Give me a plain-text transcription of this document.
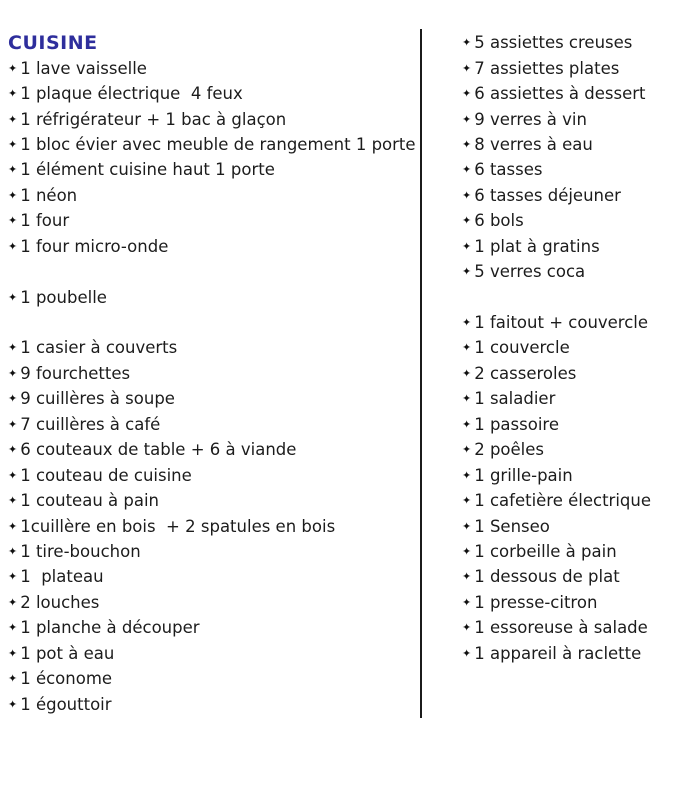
CUISINE
✦ 1 lave vaisselle
✦ 1 plaque électrique  4 feux
✦ 1 réfrigérateur + 1 bac à glaçon
✦ 1 bloc évier avec meuble de rangement 1 porte
✦ 1 élément cuisine haut 1 porte
✦ 1 néon
✦ 1 four
✦ 1 four micro-onde
✦ 1 poubelle
✦ 1 casier à couverts
✦ 9 fourchettes
✦ 9 cuillères à soupe
✦ 7 cuillères à café
✦ 6 couteaux de table + 6 à viande
✦ 1 couteau de cuisine
✦ 1 couteau à pain
✦ 1cuillère en bois  + 2 spatules en bois
✦ 1 tire-bouchon
✦ 1  plateau
✦ 2 louches
✦ 1 planche à découper
✦ 1 pot à eau
✦ 1 économe
✦ 1 égouttoir
✦ 5 assiettes creuses
✦ 7 assiettes plates
✦ 6 assiettes à dessert
✦ 9 verres à vin
✦ 8 verres à eau
✦ 6 tasses
✦ 6 tasses déjeuner
✦ 6 bols
✦ 1 plat à gratins
✦ 5 verres coca
✦ 1 faitout + couvercle
✦ 1 couvercle
✦ 2 casseroles
✦ 1 saladier
✦ 1 passoire
✦ 2 poêles
✦ 1 grille-pain
✦ 1 cafetière électrique
✦ 1 Senseo
✦ 1 corbeille à pain
✦ 1 dessous de plat
✦ 1 presse-citron
✦ 1 essoreuse à salade
✦ 1 appareil à raclette
